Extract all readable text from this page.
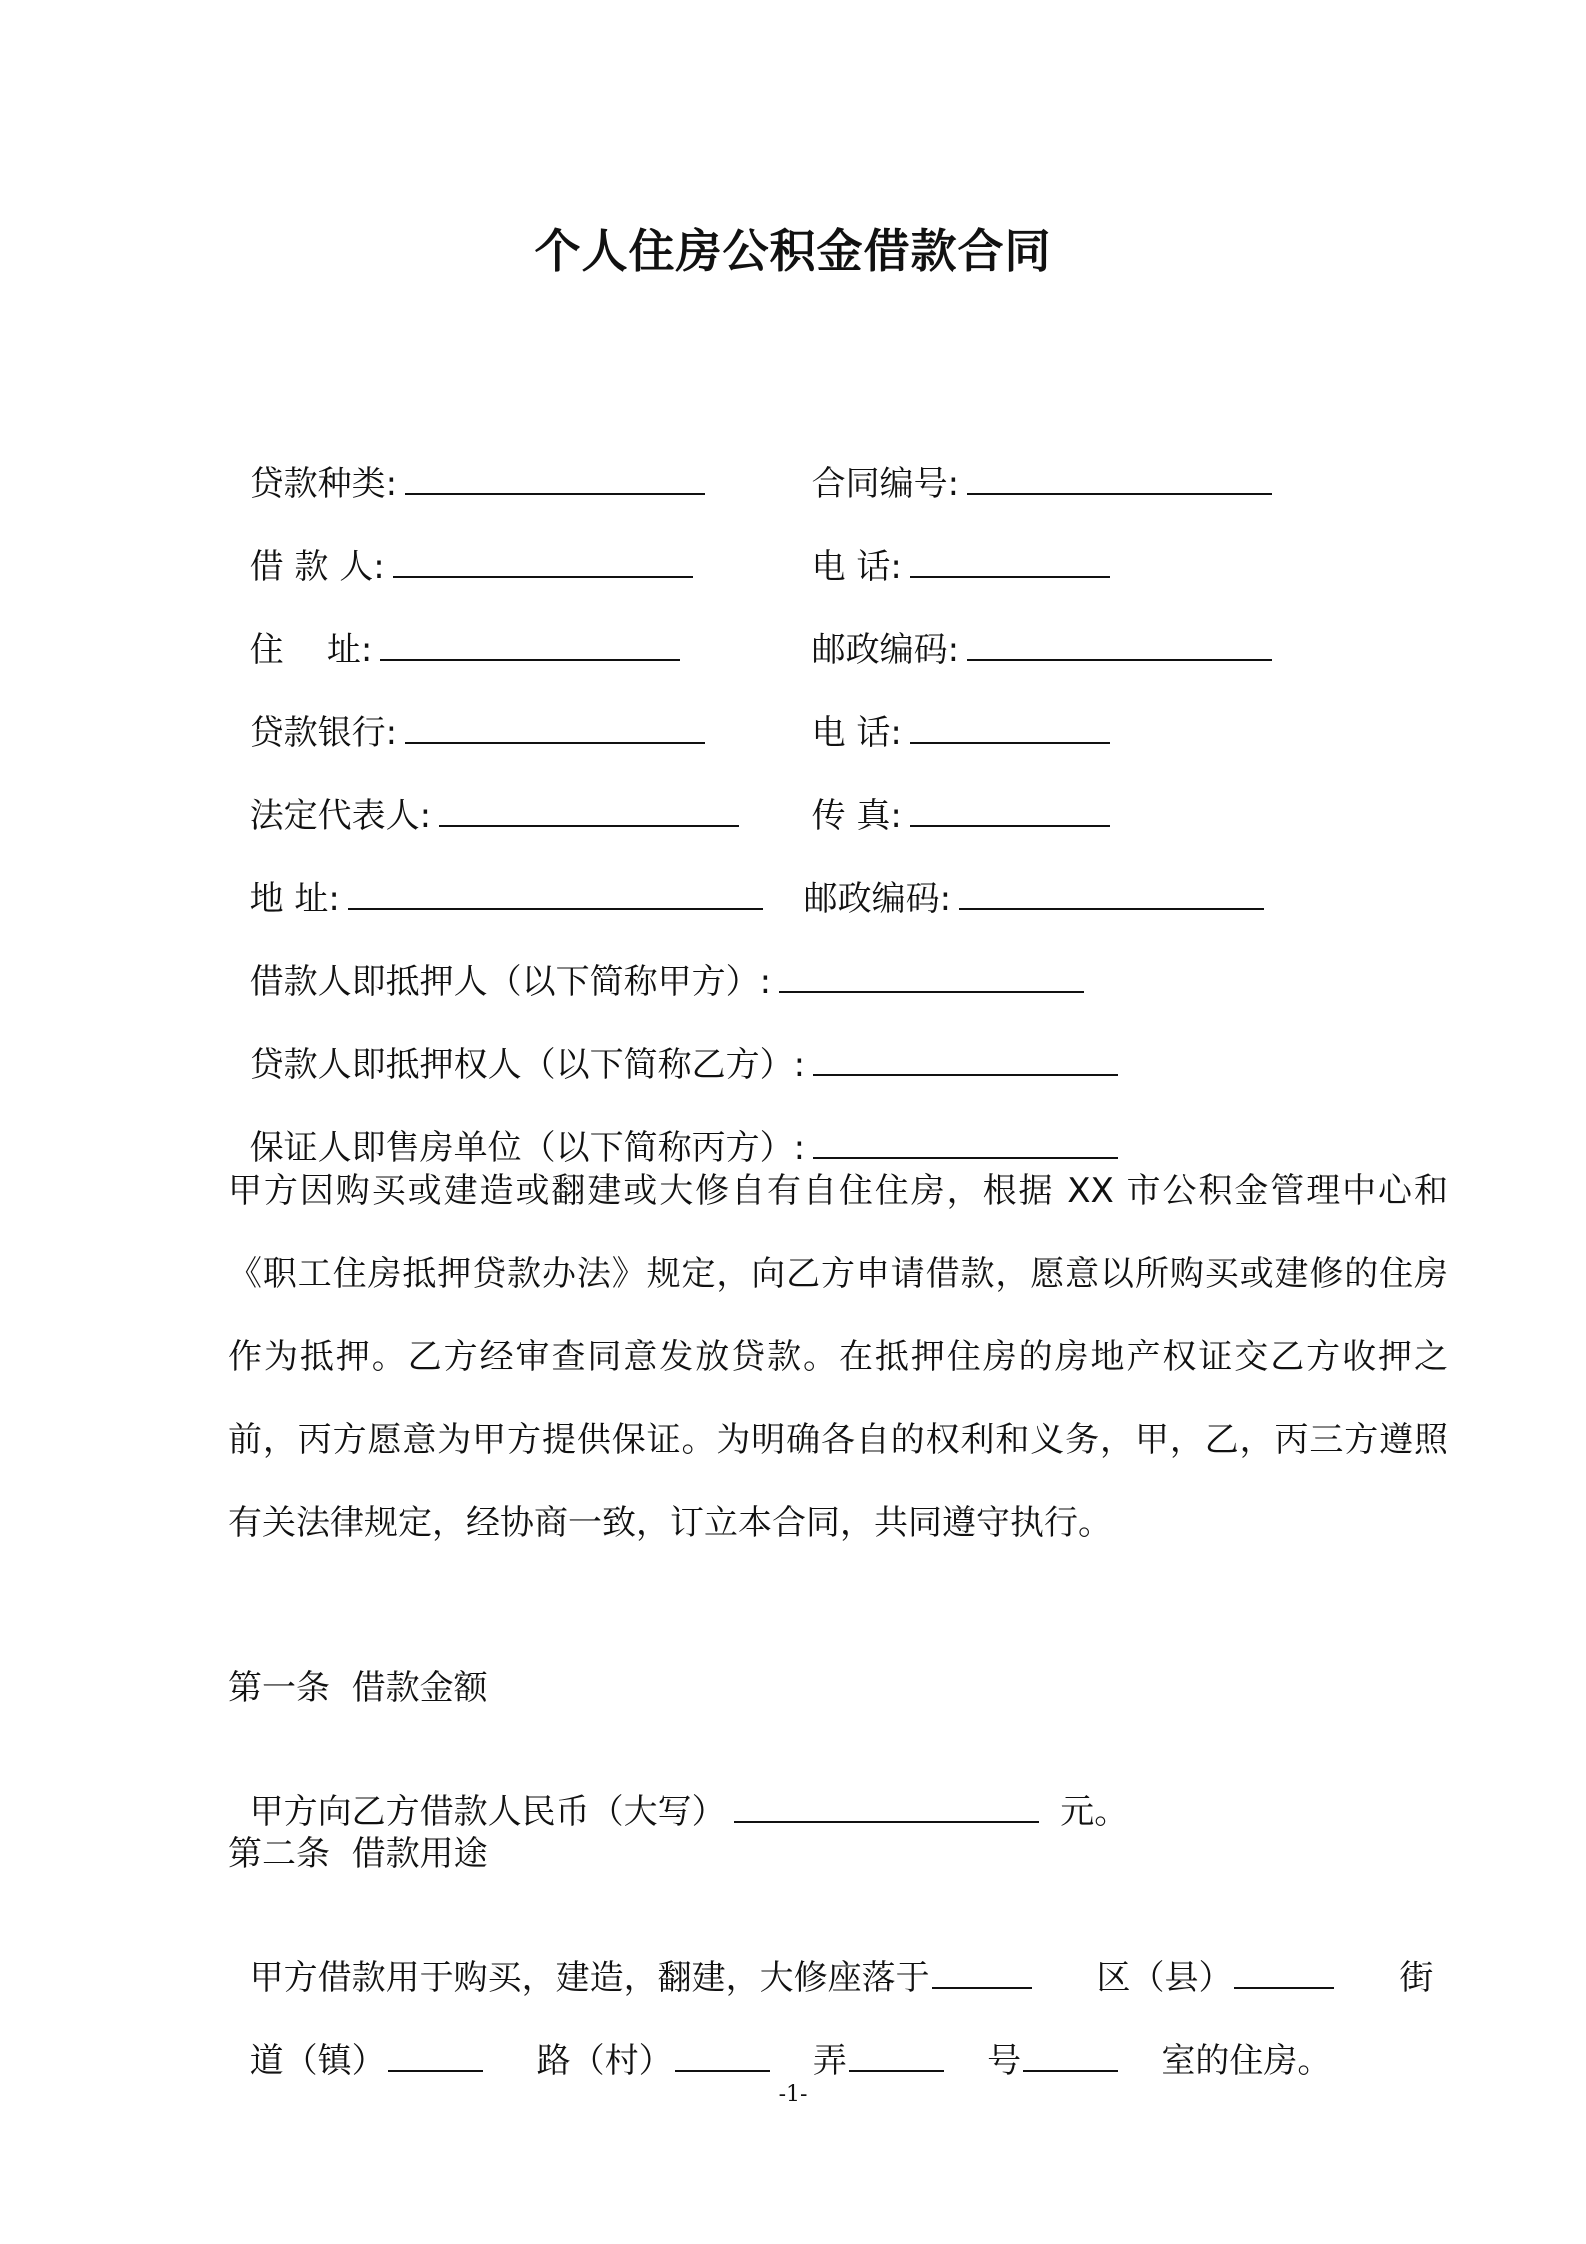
个人住房公积金借款合同

贷款种类:	合同编号:

借 款 人:	电 话:

住    址:	邮政编码:

贷款银行:	电 话:

法定代表人:	传 真:

地 址:	邮政编码:

借款人即抵押人（以下简称甲方）:

贷款人即抵押权人（以下简称乙方）:

保证人即售房单位（以下简称丙方）:

甲方因购买或建造或翻建或大修自有自住住房，根据 XX 市公积金管理中心和《职工住房抵押贷款办法》规定，向乙方申请借款，愿意以所购买或建修的住房作为抵押。乙方经审查同意发放贷款。在抵押住房的房地产权证交乙方收押之前，丙方愿意为甲方提供保证。为明确各自的权利和义务，甲，乙，丙三方遵照有关法律规定，经协商一致，订立本合同，共同遵守执行。
第一条  借款金额

甲方向乙方借款人民币（大写）	元。

第二条  借款用途

甲方借款用于购买，建造，翻建，大修座落于	区（县）	街

道（镇）	路（村）	弄	号	室的住房。

-1-
